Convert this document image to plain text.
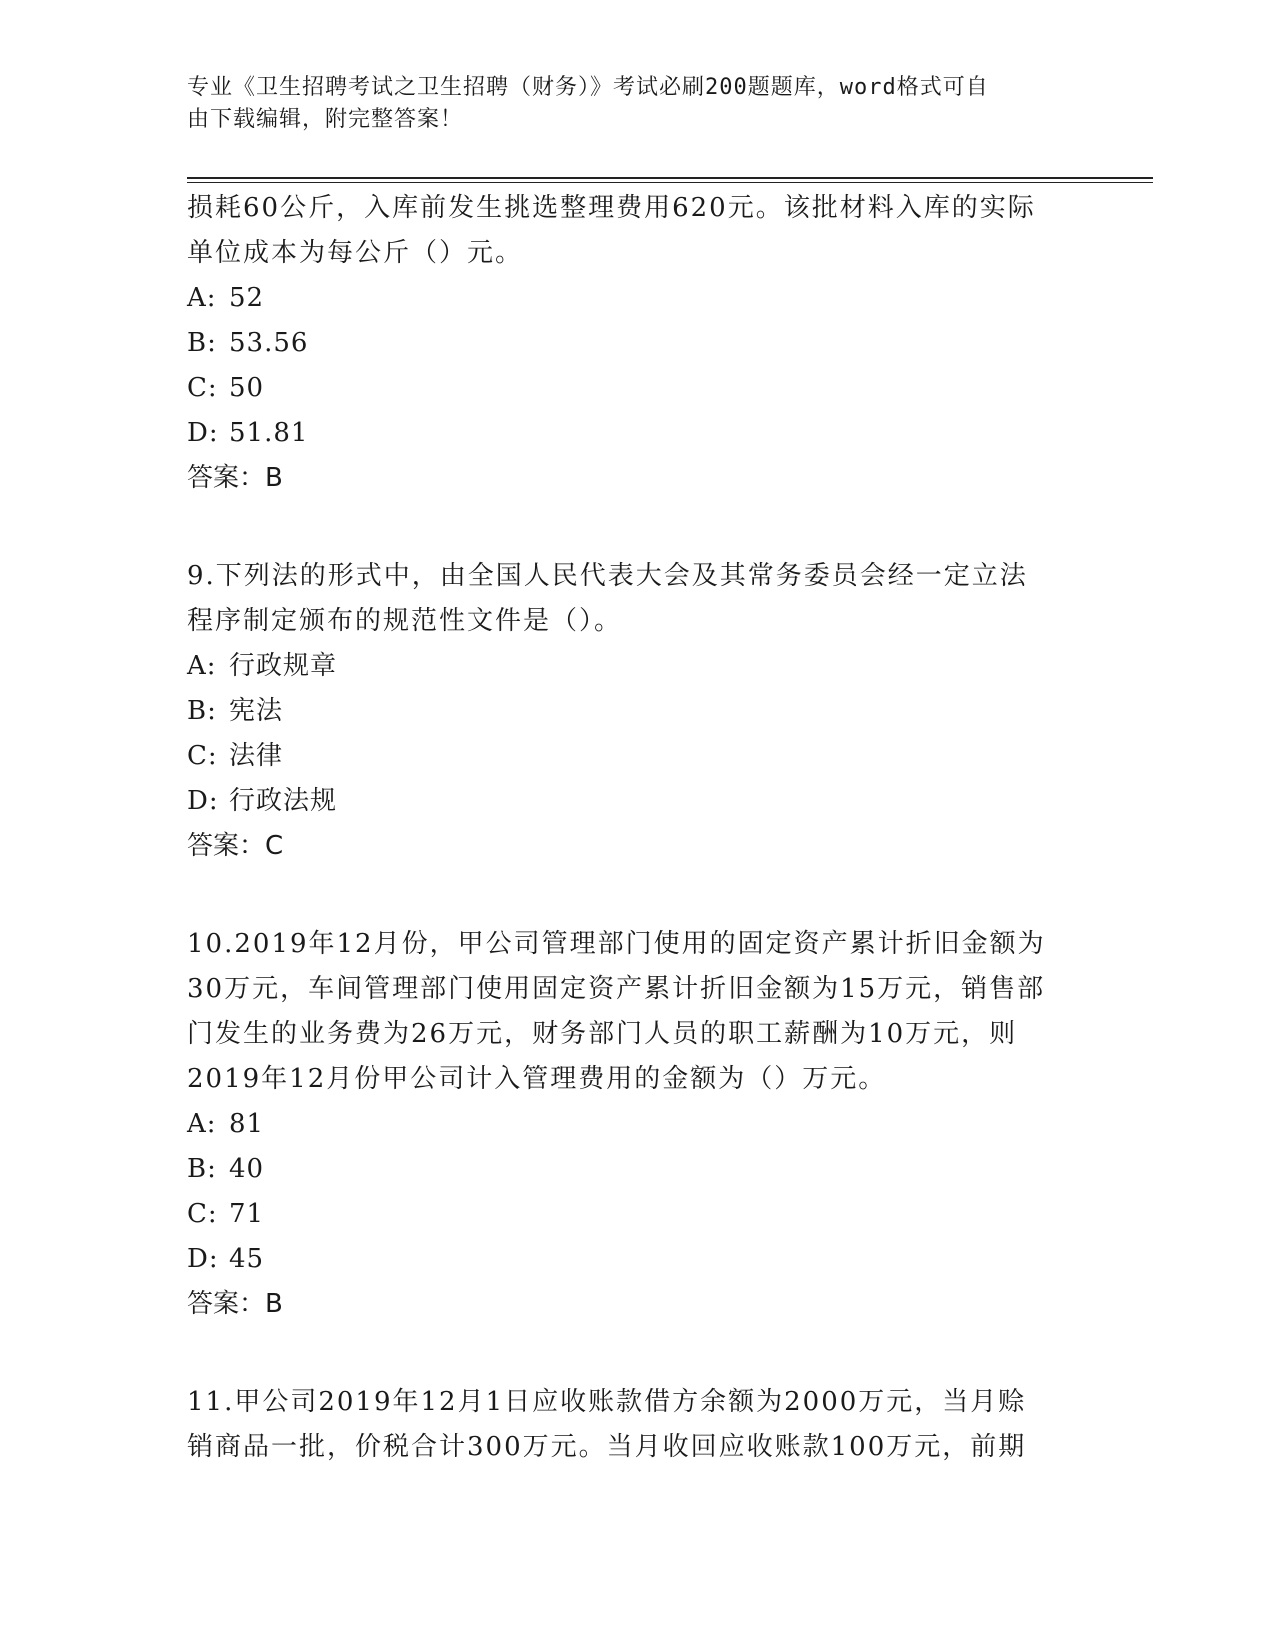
专业《卫生招聘考试之卫生招聘（财务）》考试必刷200题题库，word格式可自
由下载编辑，附完整答案！

损耗60公斤，入库前发生挑选整理费用620元。该批材料入库的实际

单位成本为每公斤（）元。

A: 52

B: 53.56

C: 50

D: 51.81

答案：B

9.下列法的形式中，由全国人民代表大会及其常务委员会经一定立法

程序制定颁布的规范性文件是（）。

A: 行政规章

B: 宪法

C: 法律

D: 行政法规

答案：C

10.2019年12月份，甲公司管理部门使用的固定资产累计折旧金额为

30万元，车间管理部门使用固定资产累计折旧金额为15万元，销售部

门发生的业务费为26万元，财务部门人员的职工薪酬为10万元，则

2019年12月份甲公司计入管理费用的金额为（）万元。

A: 81

B: 40

C: 71

D: 45

答案：B

11.甲公司2019年12月1日应收账款借方余额为2000万元，当月赊

销商品一批，价税合计300万元。当月收回应收账款100万元，前期
